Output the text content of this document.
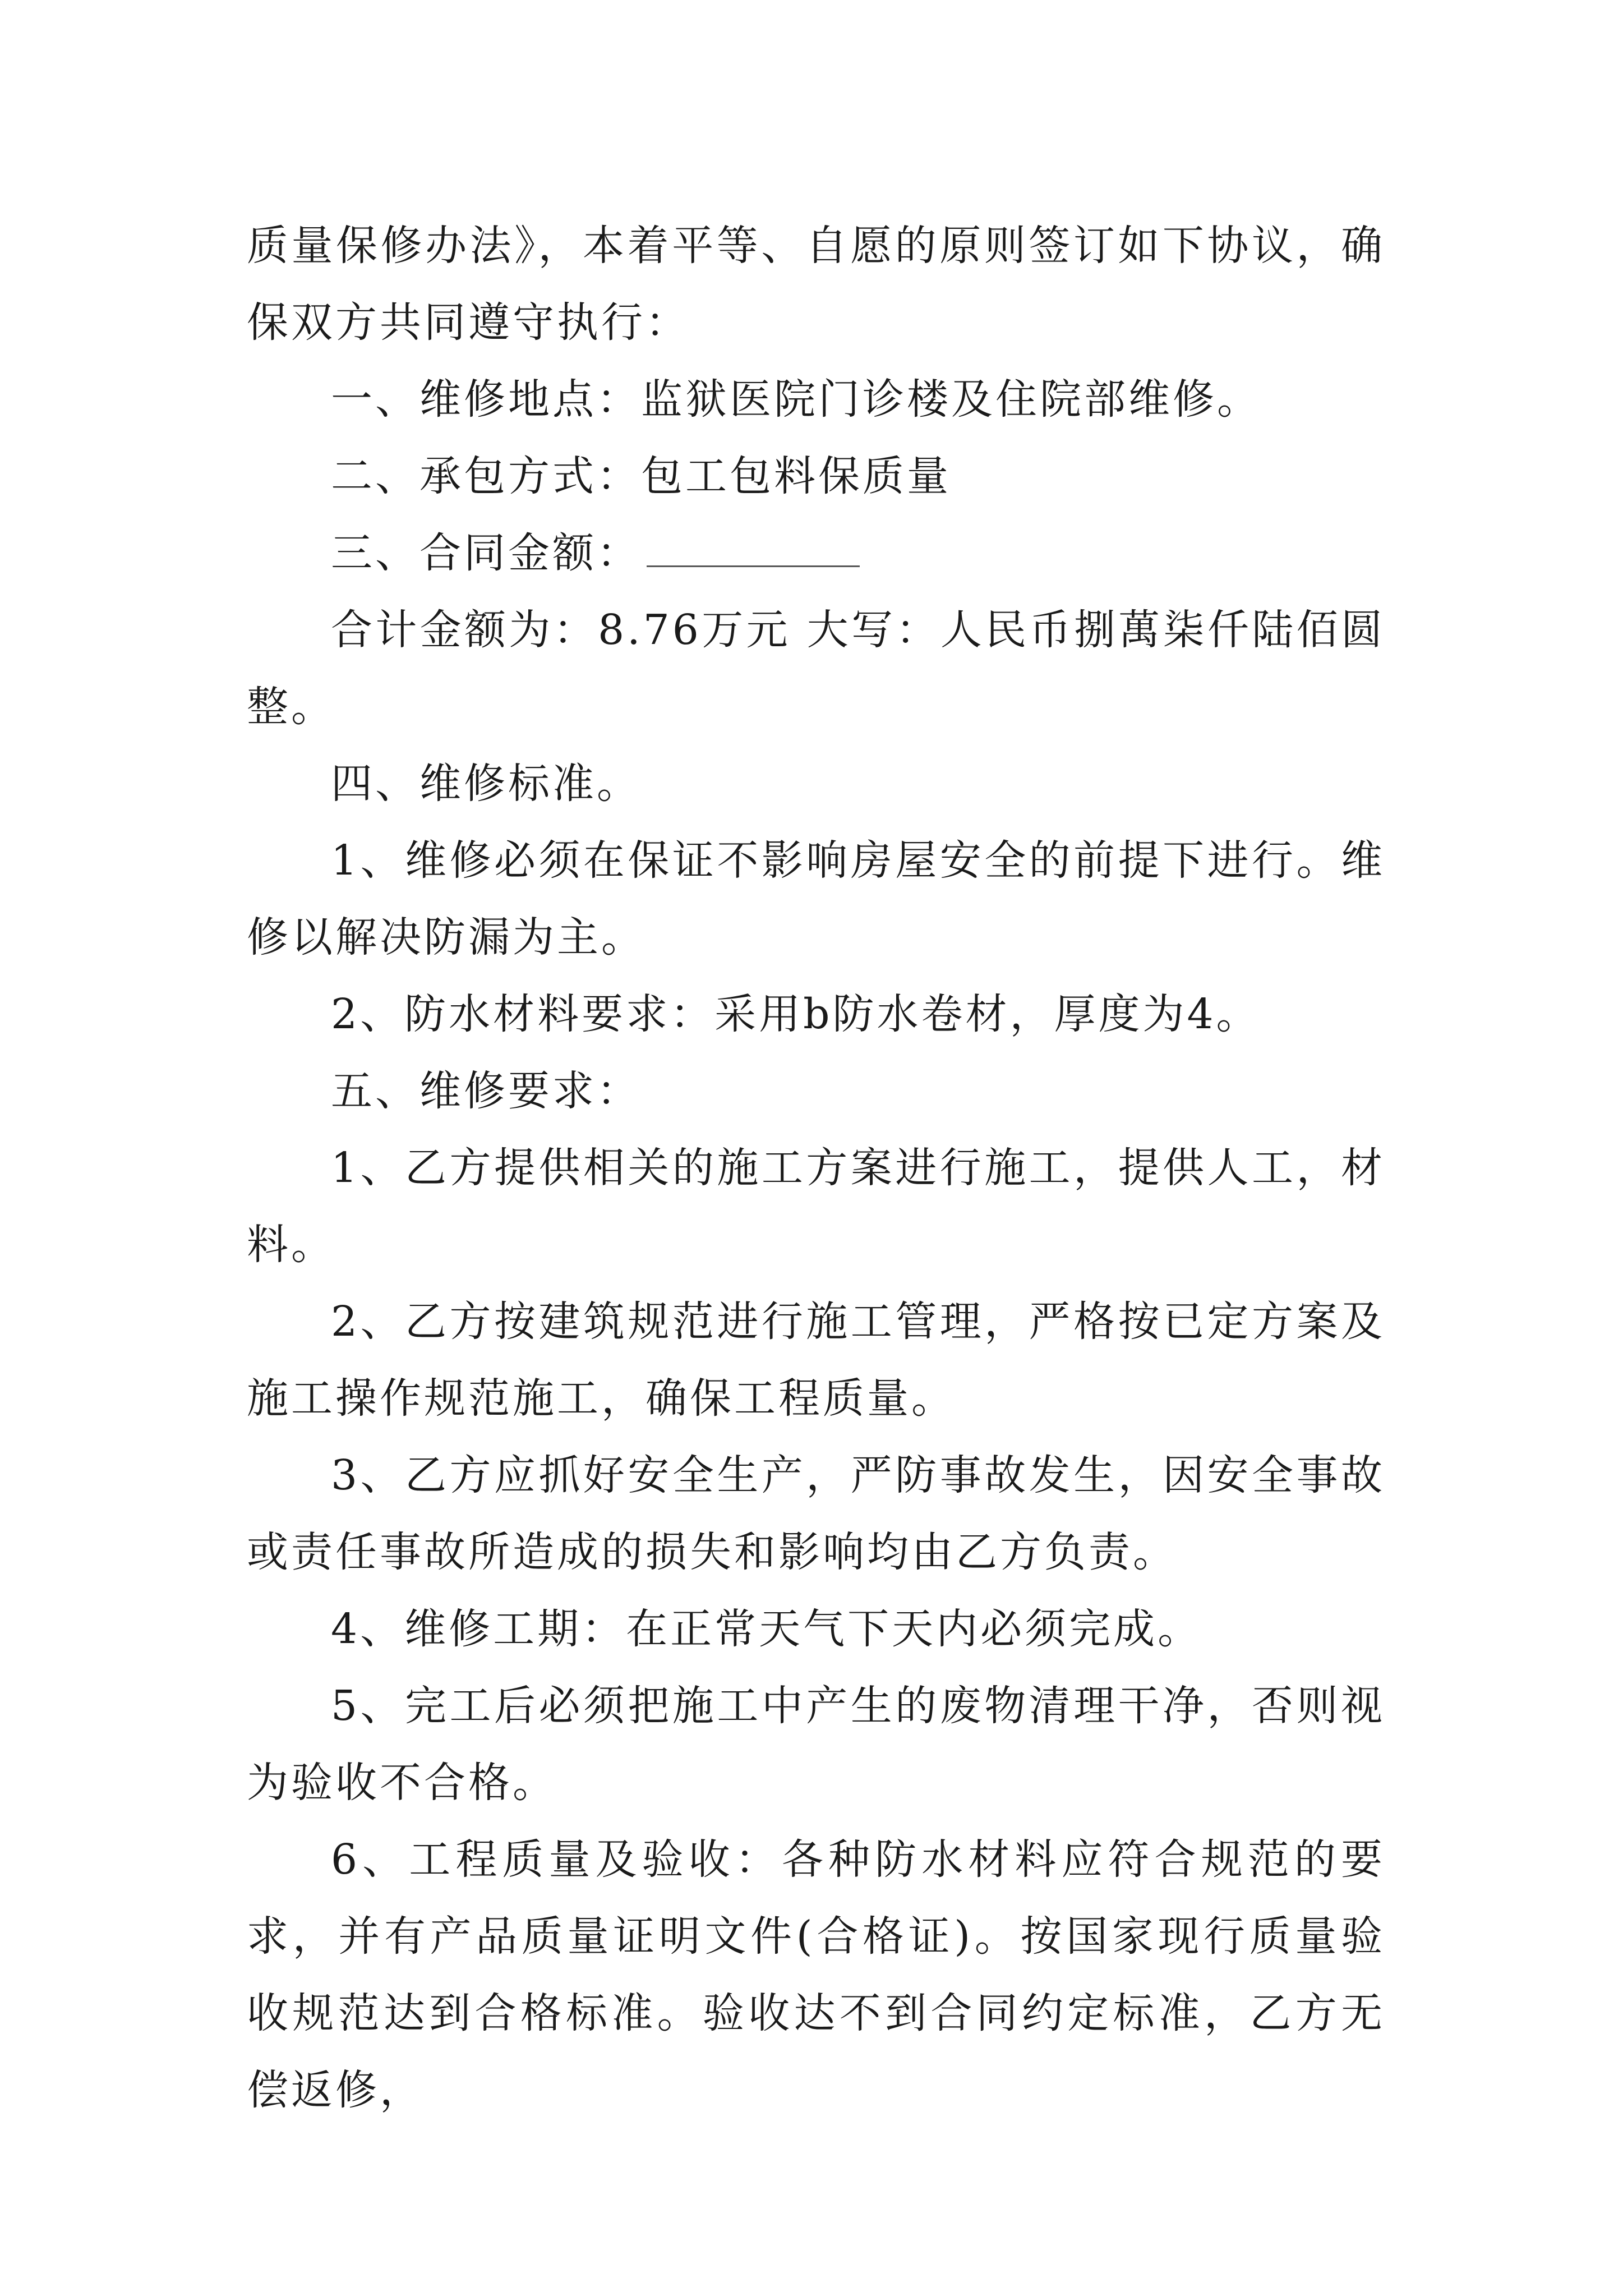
质量保修办法》，本着平等、自愿的原则签订如下协议，确保双方共同遵守执行：

一、维修地点：监狱医院门诊楼及住院部维修。

二、承包方式：包工包料保质量

三、合同金额：

合计金额为：8.76万元 大写：人民币捌萬柒仟陆佰圆整。

四、维修标准。

1、维修必须在保证不影响房屋安全的前提下进行。维修以解决防漏为主。

2、防水材料要求：采用b防水卷材，厚度为4。

五、维修要求：

1、乙方提供相关的施工方案进行施工，提供人工，材料。

2、乙方按建筑规范进行施工管理，严格按已定方案及施工操作规范施工，确保工程质量。

3、乙方应抓好安全生产，严防事故发生，因安全事故或责任事故所造成的损失和影响均由乙方负责。

4、维修工期：在正常天气下天内必须完成。

5、完工后必须把施工中产生的废物清理干净，否则视为验收不合格。

6、工程质量及验收：各种防水材料应符合规范的要求，并有产品质量证明文件(合格证)。按国家现行质量验收规范达到合格标准。验收达不到合同约定标准，乙方无偿返修，
